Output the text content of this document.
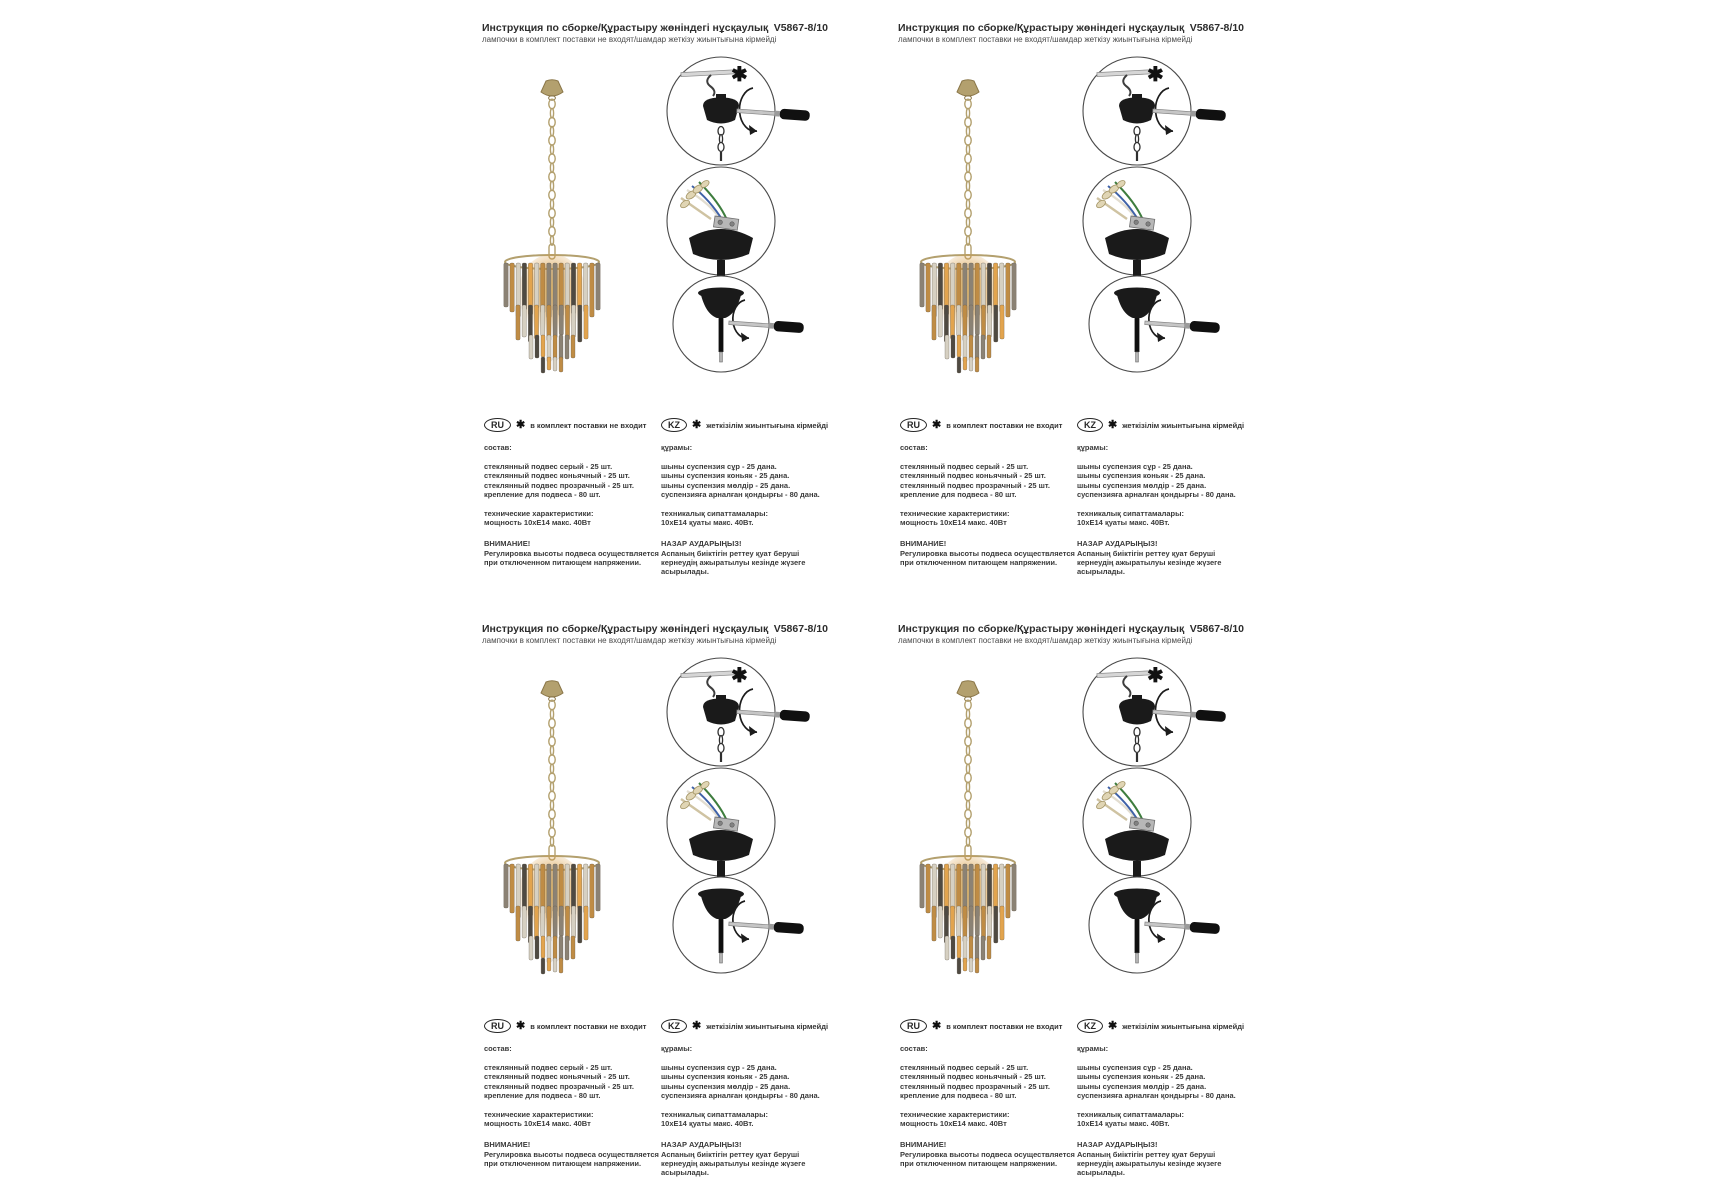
Инструкция по сборке/Құрастыру жөніндегі нұсқаулық V5867-8/10
лампочки в комплект поставки не входят/шамдар жеткізу жиынтығына кірмейді
✱
RU	✱ в комплект поставки не входит

состав:

стеклянный подвес серый - 25 шт.
стеклянный подвес коньячный - 25 шт.
стеклянный подвес прозрачный - 25 шт.
крепление для подвеса - 80 шт.
технические характеристики:
мощность 10хЕ14 макс. 40Вт

ВНИМАНИЕ!

Регулировка высоты подвеса осуществляется при отключенном питающем напряжении.

KZ	✱ жеткізілім жиынтығына кірмейді

құрамы:

шыны суспензия сұр - 25 дана.
шыны суспензия коньяк - 25 дана.
шыны суспензия мөлдір - 25 дана.
суспензияға арналған қондырғы - 80 дана.
техникалық сипаттамалары:
10хЕ14 қуаты макс. 40Вт.

НАЗАР АУДАРЫҢЫЗ!

Аспаның биіктігін реттеу қуат беруші кернеудің ажыратылуы кезінде жүзеге асырылады.

Инструкция по сборке/Құрастыру жөніндегі нұсқаулық V5867-8/10
лампочки в комплект поставки не входят/шамдар жеткізу жиынтығына кірмейді
✱
RU	✱ в комплект поставки не входит

состав:

стеклянный подвес серый - 25 шт.
стеклянный подвес коньячный - 25 шт.
стеклянный подвес прозрачный - 25 шт.
крепление для подвеса - 80 шт.
технические характеристики:
мощность 10хЕ14 макс. 40Вт

ВНИМАНИЕ!

Регулировка высоты подвеса осуществляется при отключенном питающем напряжении.

KZ	✱ жеткізілім жиынтығына кірмейді

құрамы:

шыны суспензия сұр - 25 дана.
шыны суспензия коньяк - 25 дана.
шыны суспензия мөлдір - 25 дана.
суспензияға арналған қондырғы - 80 дана.
техникалық сипаттамалары:
10хЕ14 қуаты макс. 40Вт.

НАЗАР АУДАРЫҢЫЗ!

Аспаның биіктігін реттеу қуат беруші кернеудің ажыратылуы кезінде жүзеге асырылады.

Инструкция по сборке/Құрастыру жөніндегі нұсқаулық V5867-8/10
лампочки в комплект поставки не входят/шамдар жеткізу жиынтығына кірмейді
✱
RU	✱ в комплект поставки не входит

состав:

стеклянный подвес серый - 25 шт.
стеклянный подвес коньячный - 25 шт.
стеклянный подвес прозрачный - 25 шт.
крепление для подвеса - 80 шт.
технические характеристики:
мощность 10хЕ14 макс. 40Вт

ВНИМАНИЕ!

Регулировка высоты подвеса осуществляется при отключенном питающем напряжении.

KZ	✱ жеткізілім жиынтығына кірмейді

құрамы:

шыны суспензия сұр - 25 дана.
шыны суспензия коньяк - 25 дана.
шыны суспензия мөлдір - 25 дана.
суспензияға арналған қондырғы - 80 дана.
техникалық сипаттамалары:
10хЕ14 қуаты макс. 40Вт.

НАЗАР АУДАРЫҢЫЗ!

Аспаның биіктігін реттеу қуат беруші кернеудің ажыратылуы кезінде жүзеге асырылады.

Инструкция по сборке/Құрастыру жөніндегі нұсқаулық V5867-8/10
лампочки в комплект поставки не входят/шамдар жеткізу жиынтығына кірмейді
✱
RU	✱ в комплект поставки не входит

состав:

стеклянный подвес серый - 25 шт.
стеклянный подвес коньячный - 25 шт.
стеклянный подвес прозрачный - 25 шт.
крепление для подвеса - 80 шт.
технические характеристики:
мощность 10хЕ14 макс. 40Вт

ВНИМАНИЕ!

Регулировка высоты подвеса осуществляется при отключенном питающем напряжении.

KZ	✱ жеткізілім жиынтығына кірмейді

құрамы:

шыны суспензия сұр - 25 дана.
шыны суспензия коньяк - 25 дана.
шыны суспензия мөлдір - 25 дана.
суспензияға арналған қондырғы - 80 дана.
техникалық сипаттамалары:
10хЕ14 қуаты макс. 40Вт.

НАЗАР АУДАРЫҢЫЗ!

Аспаның биіктігін реттеу қуат беруші кернеудің ажыратылуы кезінде жүзеге асырылады.
